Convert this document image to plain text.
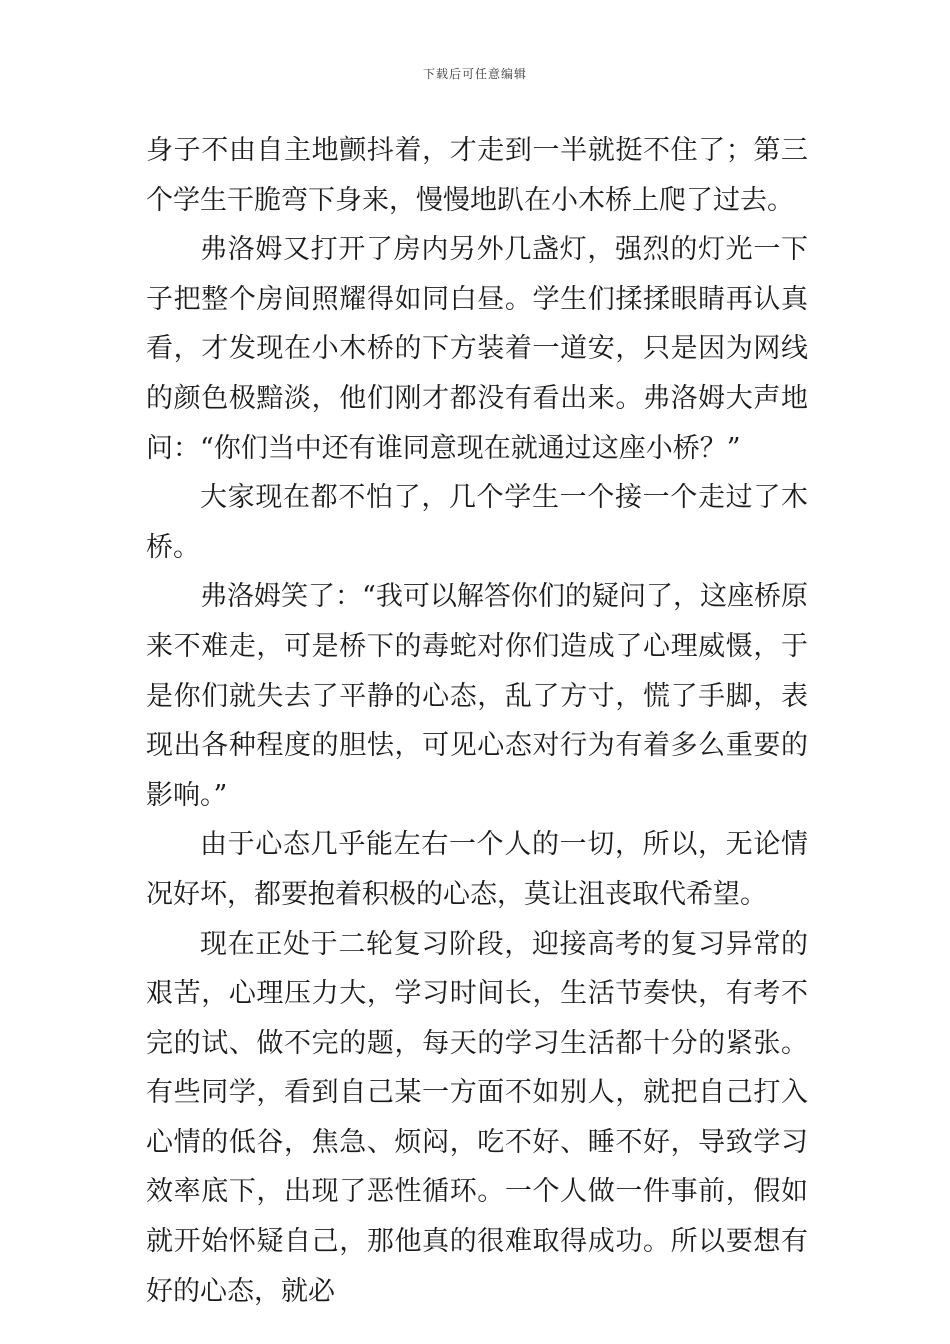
下载后可任意编辑

身子不由自主地颤抖着，才走到一半就挺不住了；第三个学生干脆弯下身来，慢慢地趴在小木桥上爬了过去。

弗洛姆又打开了房内另外几盏灯，强烈的灯光一下子把整个房间照耀得如同白昼。学生们揉揉眼睛再认真看，才发现在小木桥的下方装着一道安，只是因为网线的颜色极黯淡，他们刚才都没有看出来。弗洛姆大声地问：“你们当中还有谁同意现在就通过这座小桥？”

大家现在都不怕了，几个学生一个接一个走过了木桥。

弗洛姆笑了：“我可以解答你们的疑问了，这座桥原来不难走，可是桥下的毒蛇对你们造成了心理威慑，于是你们就失去了平静的心态，乱了方寸，慌了手脚，表现出各种程度的胆怯，可见心态对行为有着多么重要的影响。”

由于心态几乎能左右一个人的一切，所以，无论情况好坏，都要抱着积极的心态，莫让沮丧取代希望。

现在正处于二轮复习阶段，迎接高考的复习异常的艰苦，心理压力大，学习时间长，生活节奏快，有考不完的试、做不完的题，每天的学习生活都十分的紧张。有些同学，看到自己某一方面不如别人，就把自己打入心情的低谷，焦急、烦闷，吃不好、睡不好，导致学习效率底下，出现了恶性循环。一个人做一件事前，假如就开始怀疑自己，那他真的很难取得成功。所以要想有好的心态，就必
